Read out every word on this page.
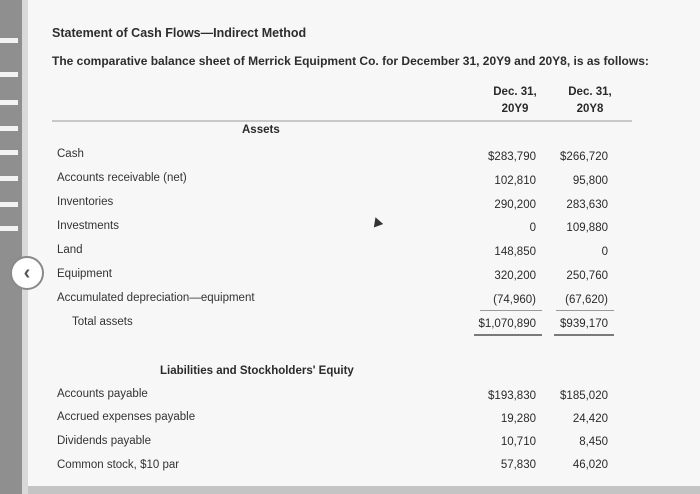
‹
Statement of Cash Flows—Indirect Method
The comparative balance sheet of Merrick Equipment Co. for December 31, 20Y9 and 20Y8, is as follows:
Dec. 31,
20Y9
Dec. 31,
20Y8
Assets
Cash	$283,790	$266,720
Accounts receivable (net)	102,810	95,800
Inventories	290,200	283,630
Investments	0	109,880
Land	148,850	0
Equipment	320,200	250,760
Accumulated depreciation—equipment	(74,960)	(67,620)
Total assets	$1,070,890	$939,170
Liabilities and Stockholders' Equity
Accounts payable	$193,830	$185,020
Accrued expenses payable	19,280	24,420
Dividends payable	10,710	8,450
Common stock, $10 par	57,830	46,020
